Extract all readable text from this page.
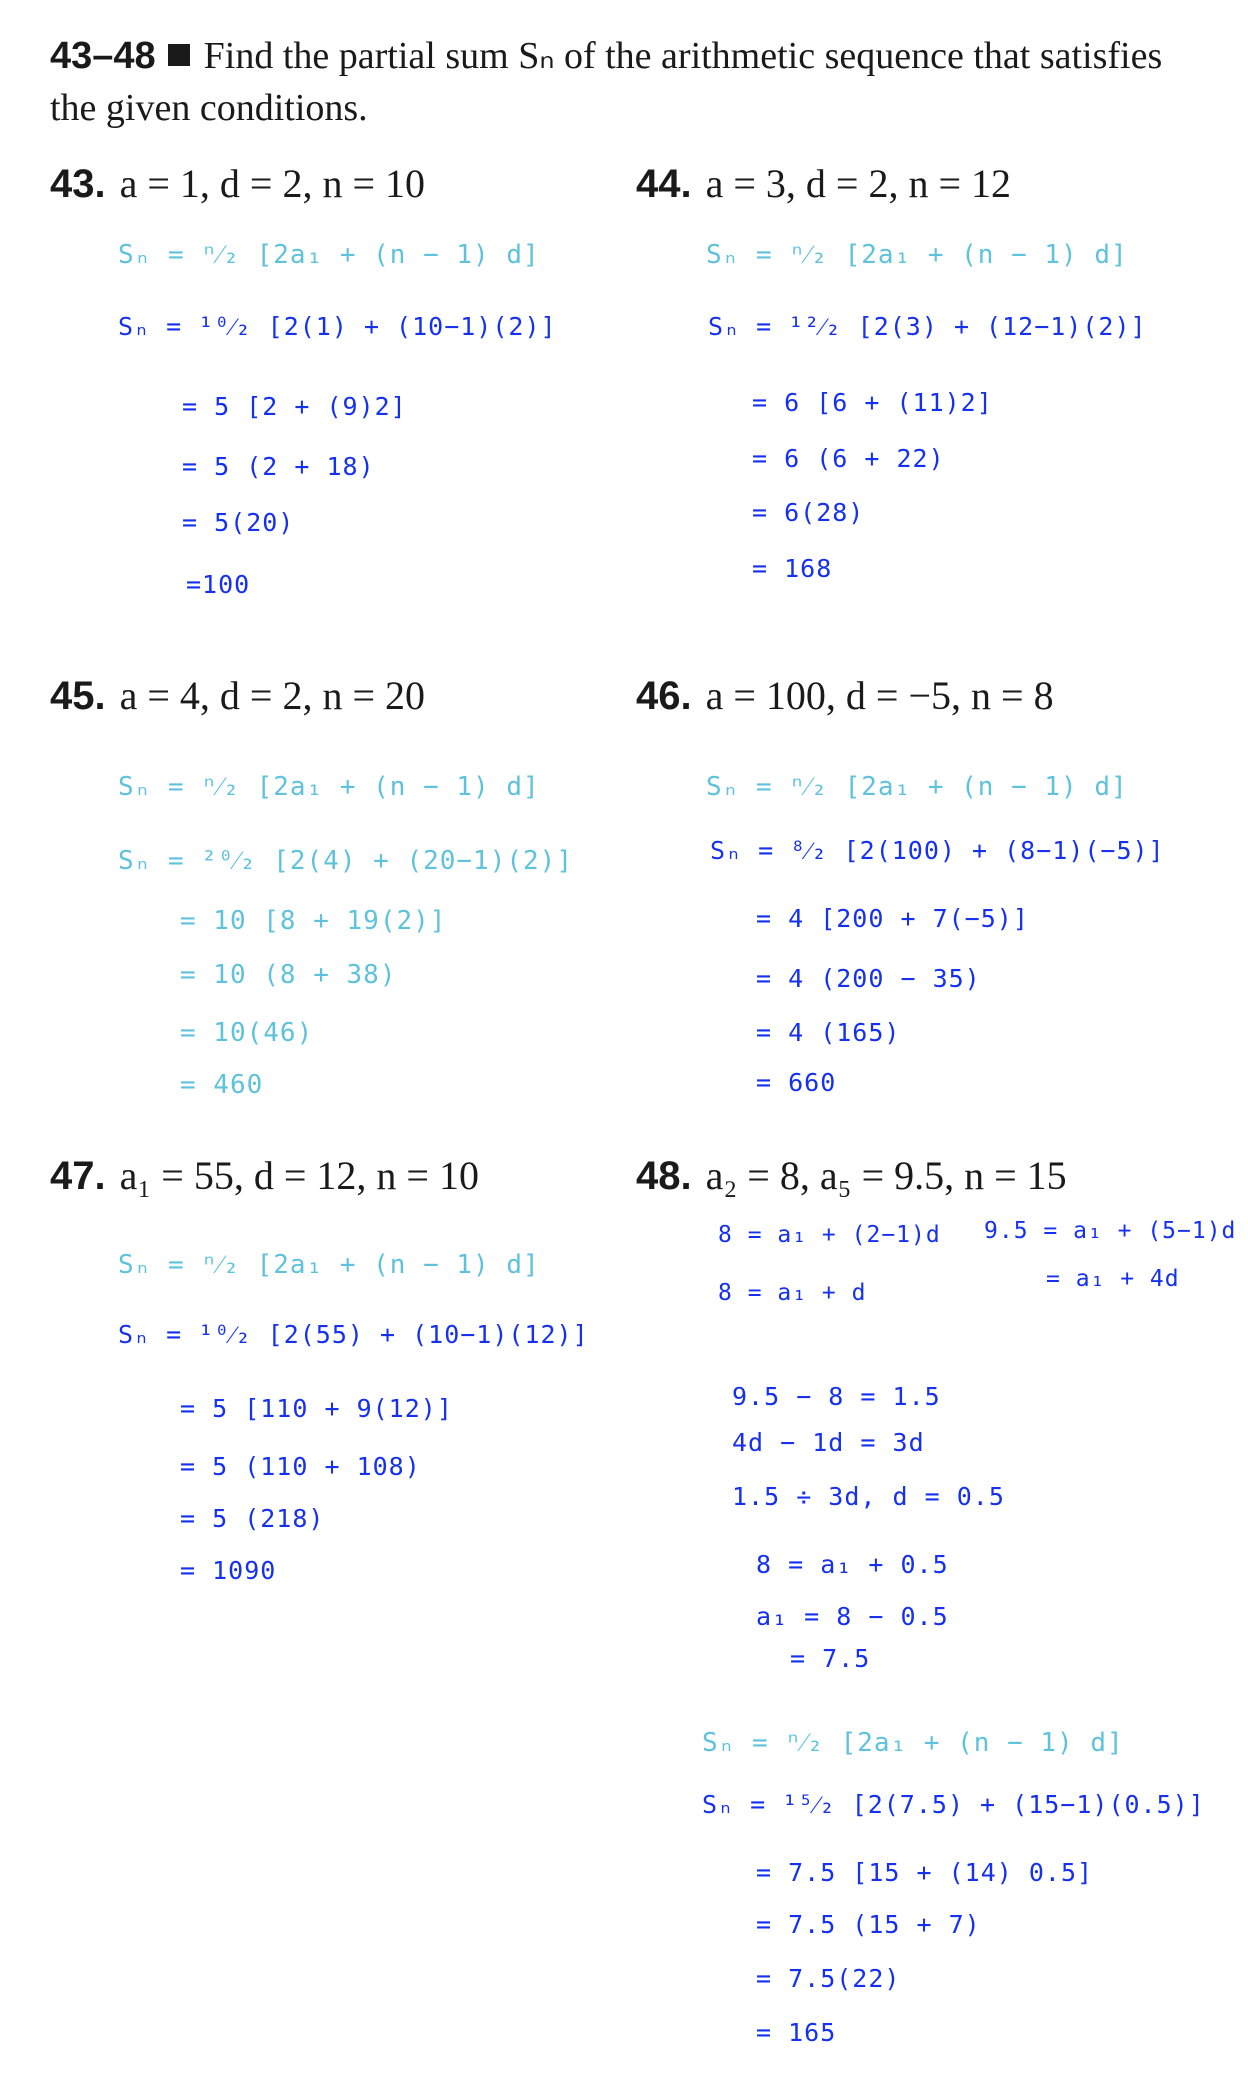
43–48 Find the partial sum Sₙ of the arithmetic sequence that satisfies the given conditions.
43. a = 1, d = 2, n = 10
Sₙ = ⁿ⁄₂ [2a₁ + (n − 1) d]
Sₙ = ¹⁰⁄₂ [2(1) + (10−1)(2)]
= 5 [2 + (9)2]
= 5 (2 + 18)
= 5(20)
=100
44. a = 3, d = 2, n = 12
Sₙ = ⁿ⁄₂ [2a₁ + (n − 1) d]
Sₙ = ¹²⁄₂ [2(3) + (12−1)(2)]
= 6 [6 + (11)2]
= 6 (6 + 22)
= 6(28)
= 168
45. a = 4, d = 2, n = 20
Sₙ = ⁿ⁄₂ [2a₁ + (n − 1) d]
Sₙ = ²⁰⁄₂ [2(4) + (20−1)(2)]
= 10 [8 + 19(2)]
= 10 (8 + 38)
= 10(46)
= 460
46. a = 100, d = −5, n = 8
Sₙ = ⁿ⁄₂ [2a₁ + (n − 1) d]
Sₙ = ⁸⁄₂ [2(100) + (8−1)(−5)]
= 4 [200 + 7(−5)]
= 4 (200 − 35)
= 4 (165)
= 660
47. a₁ = 55, d = 12, n = 10
Sₙ = ⁿ⁄₂ [2a₁ + (n − 1) d]
Sₙ = ¹⁰⁄₂ [2(55) + (10−1)(12)]
= 5 [110 + 9(12)]
= 5 (110 + 108)
= 5 (218)
= 1090
48. a₂ = 8, a₅ = 9.5, n = 15
8 = a₁ + (2−1)d
8 = a₁ + d
9.5 = a₁ + (5−1)d
= a₁ + 4d
9.5 − 8 = 1.5
4d − 1d = 3d
1.5 ÷ 3d, d = 0.5
8 = a₁ + 0.5
a₁ = 8 − 0.5
= 7.5
Sₙ = ⁿ⁄₂ [2a₁ + (n − 1) d]
Sₙ = ¹⁵⁄₂ [2(7.5) + (15−1)(0.5)]
= 7.5 [15 + (14) 0.5]
= 7.5 (15 + 7)
= 7.5(22)
= 165
